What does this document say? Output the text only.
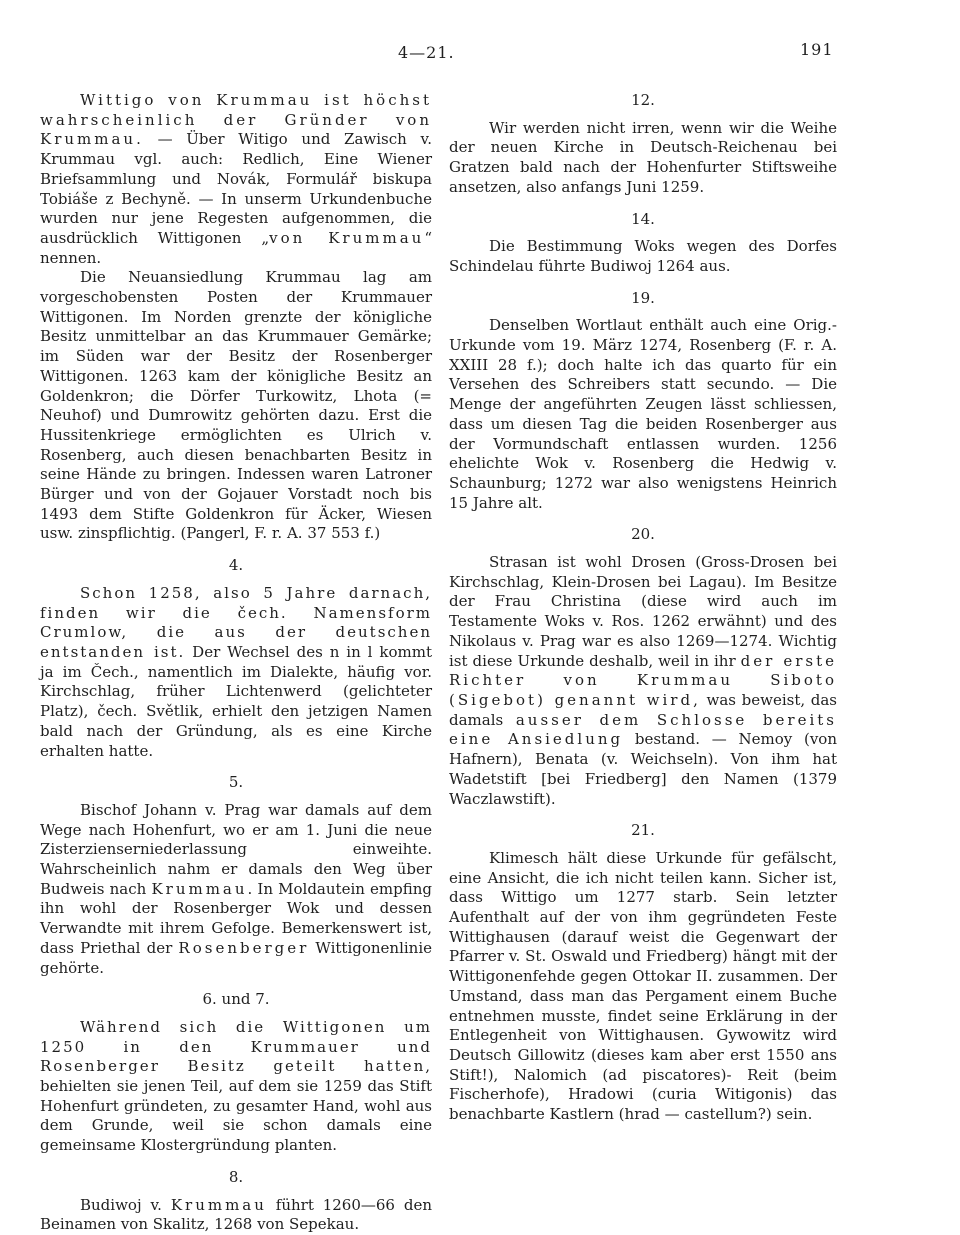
4—21.	191

Wittigo von Krummau ist höchst wahrscheinlich der Gründer von Krummau. — Über Witigo und Zawisch v. Krummau vgl. auch: Redlich, Eine Wiener Briefsammlung und Novák, Formulář biskupa Tobiáše z Bechyně. — In unserm Urkundenbuche wurden nur jene Regesten aufgenommen, die ausdrücklich Wittigonen „von Krummau“ nennen.

Die Neuansiedlung Krummau lag am vorgeschobensten Posten der Krummauer Wittigonen. Im Norden grenzte der königliche Besitz unmittelbar an das Krummauer Gemärke; im Süden war der Besitz der Rosenberger Wittigonen. 1263 kam der königliche Besitz an Goldenkron; die Dörfer Turkowitz, Lhota (= Neuhof) und Dumrowitz gehörten dazu. Erst die Hussitenkriege ermöglichten es Ulrich v. Rosenberg, auch diesen benachbarten Besitz in seine Hände zu bringen. Indessen waren Latroner Bürger und von der Gojauer Vorstadt noch bis 1493 dem Stifte Goldenkron für Äcker, Wiesen usw. zinspflichtig. (Pangerl, F. r. A. 37 553 f.)

4.

Schon 1258, also 5 Jahre darnach, finden wir die čech. Namensform Crumlow, die aus der deutschen entstanden ist. Der Wechsel des n in l kommt ja im Čech., namentlich im Dialekte, häufig vor. Kirchschlag, früher Lichtenwerd (gelichteter Platz), čech. Světlik, erhielt den jetzigen Namen bald nach der Gründung, als es eine Kirche erhalten hatte.

5.

Bischof Johann v. Prag war damals auf dem Wege nach Hohenfurt, wo er am 1. Juni die neue Zisterzienserniederlassung einweihte. Wahrscheinlich nahm er damals den Weg über Budweis nach Krummau. In Moldautein empfing ihn wohl der Rosenberger Wok und dessen Verwandte mit ihrem Gefolge. Bemerkenswert ist, dass Priethal der Rosenberger Wittigonenlinie gehörte.

6. und 7.

Während sich die Wittigonen um 1250 in den Krummauer und Rosenberger Besitz geteilt hatten, behielten sie jenen Teil, auf dem sie 1259 das Stift Hohenfurt gründeten, zu gesamter Hand, wohl aus dem Grunde, weil sie schon damals eine gemeinsame Klostergründung planten.

8.

Budiwoj v. Krummau führt 1260—66 den Beinamen von Skalitz, 1268 von Sepekau.

12.

Wir werden nicht irren, wenn wir die Weihe der neuen Kirche in Deutsch-Reichenau bei Gratzen bald nach der Hohenfurter Stiftsweihe ansetzen, also anfangs Juni 1259.

14.

Die Bestimmung Woks wegen des Dorfes Schindelau führte Budiwoj 1264 aus.

19.

Denselben Wortlaut enthält auch eine Orig.-Urkunde vom 19. März 1274, Rosenberg (F. r. A. XXIII 28 f.); doch halte ich das quarto für ein Versehen des Schreibers statt secundo. — Die Menge der angeführten Zeugen lässt schliessen, dass um diesen Tag die beiden Rosenberger aus der Vormundschaft entlassen wurden. 1256 ehelichte Wok v. Rosenberg die Hedwig v. Schaunburg; 1272 war also wenigstens Heinrich 15 Jahre alt.

20.

Strasan ist wohl Drosen (Gross-Drosen bei Kirchschlag, Klein-Drosen bei Lagau). Im Besitze der Frau Christina (diese wird auch im Testamente Woks v. Ros. 1262 erwähnt) und des Nikolaus v. Prag war es also 1269—1274. Wichtig ist diese Urkunde deshalb, weil in ihr der erste Richter von Krummau Siboto (Sigebot) genannt wird, was beweist, das damals ausser dem Schlosse bereits eine Ansiedlung bestand. — Nemoy (von Hafnern), Benata (v. Weichseln). Von ihm hat Wadetstift [bei Friedberg] den Namen (1379 Waczlawstift).

21.

Klimesch hält diese Urkunde für gefälscht, eine Ansicht, die ich nicht teilen kann. Sicher ist, dass Wittigo um 1277 starb. Sein letzter Aufenthalt auf der von ihm gegründeten Feste Wittighausen (darauf weist die Gegenwart der Pfarrer v. St. Oswald und Friedberg) hängt mit der Wittigonenfehde gegen Ottokar II. zusammen. Der Umstand, dass man das Pergament einem Buche entnehmen musste, findet seine Erklärung in der Entlegenheit von Wittighausen. Gywowitz wird Deutsch Gillowitz (dieses kam aber erst 1550 ans Stift!), Nalomich (ad piscatores)- Reit (beim Fischerhofe), Hradowi (curia Witigonis) das benachbarte Kastlern (hrad — castellum?) sein.
